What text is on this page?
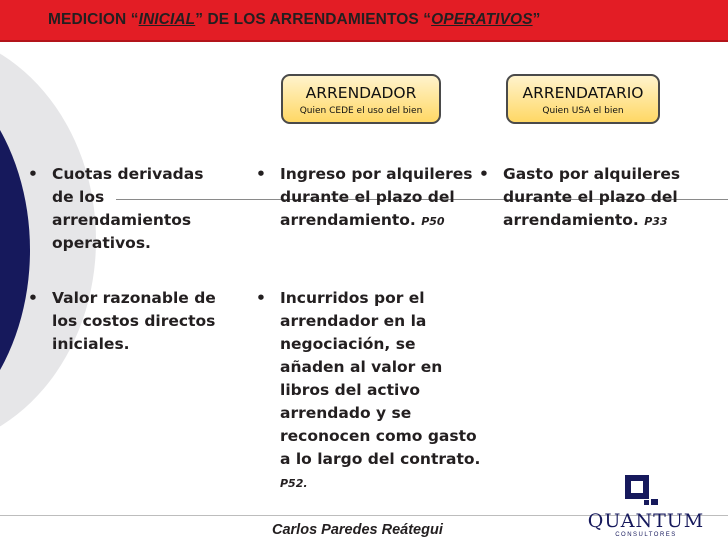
MEDICION “INICIAL” DE LOS ARRENDAMIENTOS “OPERATIVOS”
ARRENDADOR
Quien CEDE el uso del bien
ARRENDATARIO
Quien USA el bien
• Cuotas derivadas de los arrendamientos operativos.
• Valor razonable de los costos directos iniciales.
• Ingreso por alquileres durante el plazo del arrendamiento. P50
• Incurridos por el arrendador en la negociación, se añaden al valor en libros del activo arrendado y se reconocen como gasto a lo largo del contrato.
P52.
• Gasto por alquileres durante el plazo del arrendamiento. P33
Carlos Paredes Reátegui	QUANTUM
CONSULTORES
